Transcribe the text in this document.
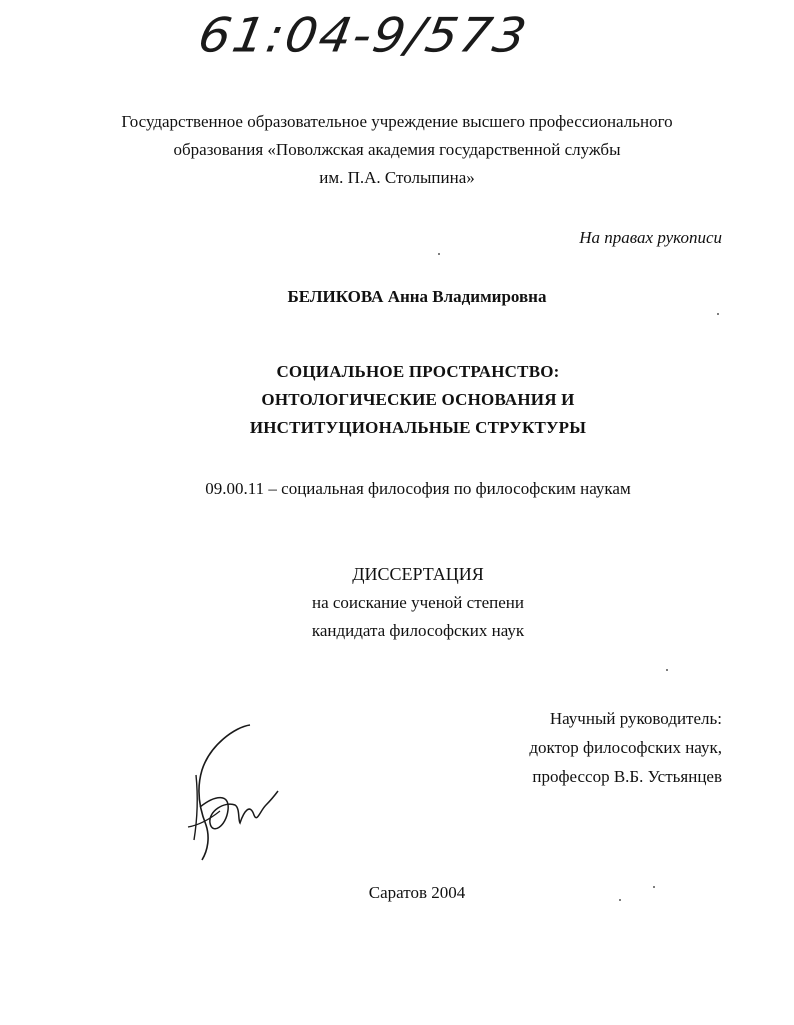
61:04-9/573
Государственное образовательное учреждение высшего профессионального
образования «Поволжская академия государственной службы
им. П.А. Столыпина»
На правах рукописи
БЕЛИКОВА Анна Владимировна
СОЦИАЛЬНОЕ ПРОСТРАНСТВО:
ОНТОЛОГИЧЕСКИЕ ОСНОВАНИЯ И
ИНСТИТУЦИОНАЛЬНЫЕ СТРУКТУРЫ
09.00.11 – социальная философия по философским наукам
ДИССЕРТАЦИЯ
на соискание ученой степени
кандидата философских наук
Научный руководитель:
доктор философских наук,
профессор В.Б. Устьянцев
Саратов 2004
